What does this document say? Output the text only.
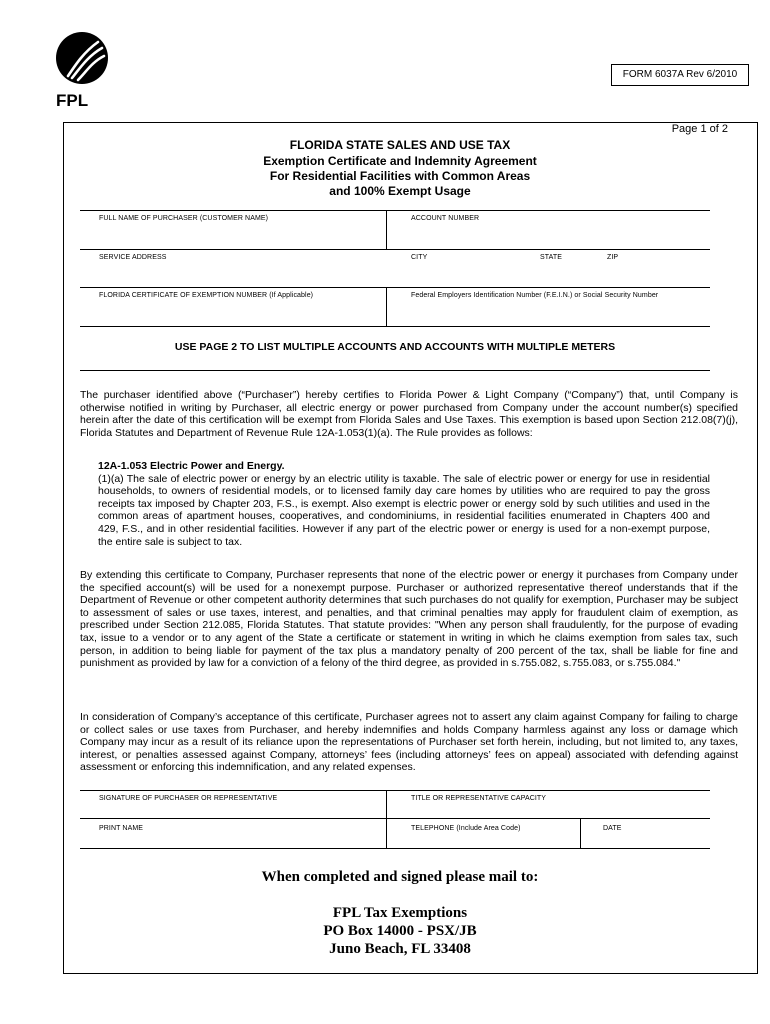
FPL
FORM 6037A Rev 6/2010
Page 1 of 2
FLORIDA STATE SALES AND USE TAX
Exemption Certificate and Indemnity Agreement
For Residential Facilities with Common Areas
and 100% Exempt Usage
FULL NAME OF PURCHASER (CUSTOMER NAME)	ACCOUNT NUMBER
SERVICE ADDRESS	CITY	STATE	ZIP
FLORIDA CERTIFICATE OF EXEMPTION NUMBER (If Applicable)	Federal Employers Identification Number (F.E.I.N.) or Social Security Number
USE PAGE 2 TO LIST MULTIPLE ACCOUNTS AND ACCOUNTS WITH MULTIPLE METERS
The purchaser identified above (“Purchaser”) hereby certifies to Florida Power & Light Company (“Company”) that, until Company is otherwise notified in writing by Purchaser, all electric energy or power purchased from Company under the account number(s) specified herein after the date of this certification will be exempt from Florida Sales and Use Taxes. This exemption is based upon Section 212.08(7)(j), Florida Statutes and Department of Revenue Rule 12A-1.053(1)(a). The Rule provides as follows:
12A-1.053 Electric Power and Energy.
(1)(a) The sale of electric power or energy by an electric utility is taxable. The sale of electric power or energy for use in residential households, to owners of residential models, or to licensed family day care homes by utilities who are required to pay the gross receipts tax imposed by Chapter 203, F.S., is exempt. Also exempt is electric power or energy sold by such utilities and used in the common areas of apartment houses, cooperatives, and condominiums, in residential facilities enumerated in Chapters 400 and 429, F.S., and in other residential facilities. However if any part of the electric power or energy is used for a non-exempt purpose, the entire sale is subject to tax.
By extending this certificate to Company, Purchaser represents that none of the electric power or energy it purchases from Company under the specified account(s) will be used for a nonexempt purpose. Purchaser or authorized representative thereof understands that if the Department of Revenue or other competent authority determines that such purchases do not qualify for exemption, Purchaser may be subject to assessment of sales or use taxes, interest, and penalties, and that criminal penalties may apply for fraudulent claim of exemption, as prescribed under Section 212.085, Florida Statutes. That statute provides: "When any person shall fraudulently, for the purpose of evading tax, issue to a vendor or to any agent of the State a certificate or statement in writing in which he claims exemption from sales tax, such person, in addition to being liable for payment of the tax plus a mandatory penalty of 200 percent of the tax, shall be liable for fine and punishment as provided by law for a conviction of a felony of the third degree, as provided in s.755.082, s.755.083, or s.755.084."
In consideration of Company’s acceptance of this certificate, Purchaser agrees not to assert any claim against Company for failing to charge or collect sales or use taxes from Purchaser, and hereby indemnifies and holds Company harmless against any loss or damage which Company may incur as a result of its reliance upon the representations of Purchaser set forth herein, including, but not limited to, any taxes, interest, or penalties assessed against Company, attorneys’ fees (including attorneys’ fees on appeal) associated with defending against assessment or enforcing this indemnification, and any related expenses.
SIGNATURE OF PURCHASER OR REPRESENTATIVE	TITLE OR REPRESENTATIVE CAPACITY
PRINT NAME	TELEPHONE (Include Area Code)	DATE
When completed and signed please mail to:
FPL Tax Exemptions
PO Box 14000 - PSX/JB
Juno Beach, FL 33408
